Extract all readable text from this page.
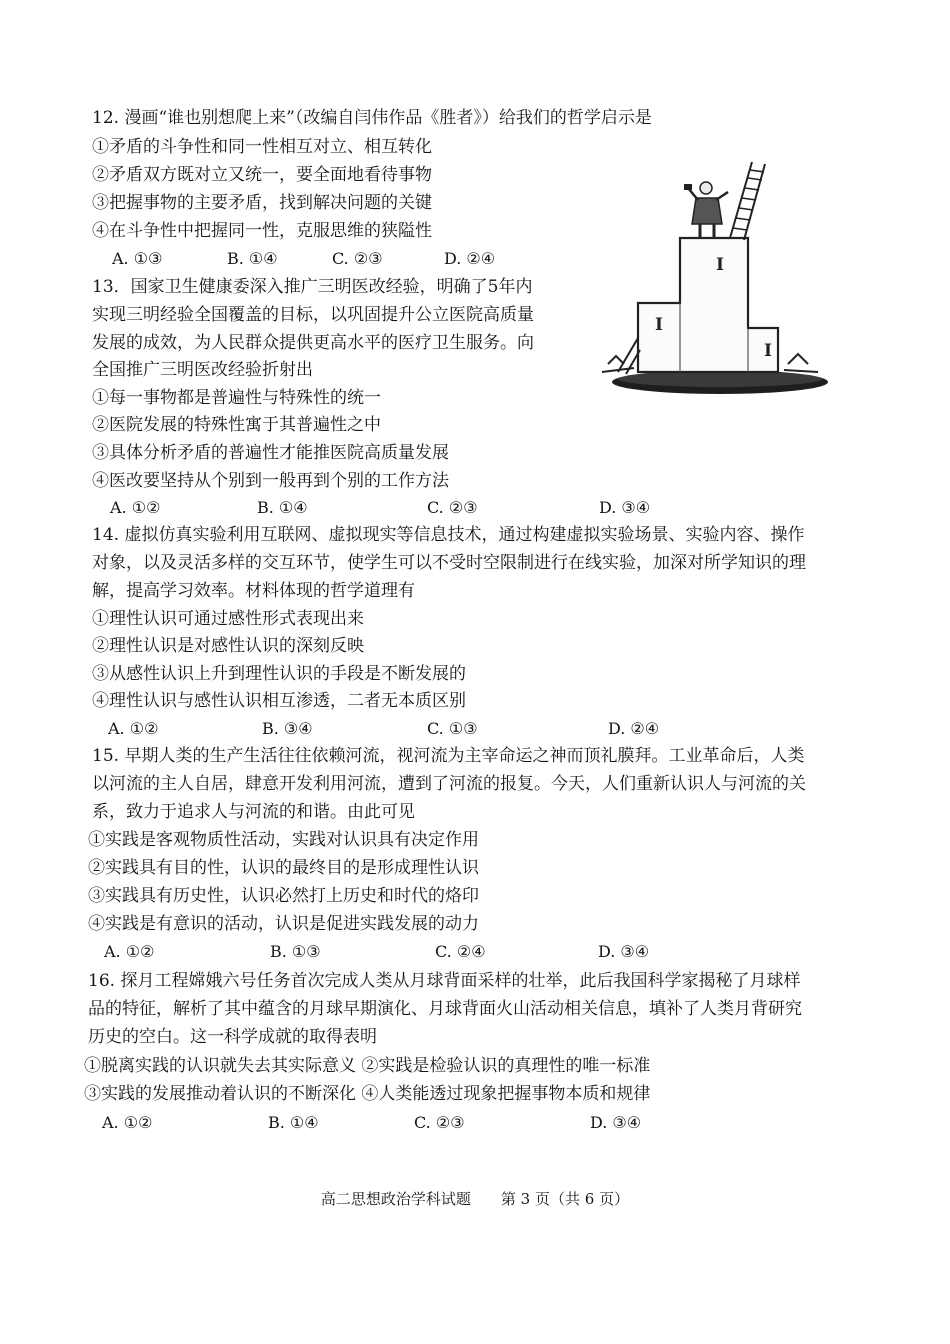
12. 漫画“谁也别想爬上来”（改编自闫伟作品《胜者》）给我们的哲学启示是
①矛盾的斗争性和同一性相互对立、相互转化
②矛盾双方既对立又统一，要全面地看待事物
③把握事物的主要矛盾，找到解决问题的关键
④在斗争性中把握同一性，克服思维的狭隘性
A. ①③	B. ①④	C. ②③	D. ②④	I
I
I
13．国家卫生健康委深入推广三明医改经验，明确了5年内
实现三明经验全国覆盖的目标，以巩固提升公立医院高质量
发展的成效，为人民群众提供更高水平的医疗卫生服务。向
全国推广三明医改经验折射出
①每一事物都是普遍性与特殊性的统一
②医院发展的特殊性寓于其普遍性之中
③具体分析矛盾的普遍性才能推医院高质量发展
④医改要坚持从个别到一般再到个别的工作方法
A. ①②	B. ①④	C. ②③	D. ③④
14. 虚拟仿真实验利用互联网、虚拟现实等信息技术，通过构建虚拟实验场景、实验内容、操作
对象，以及灵活多样的交互环节，使学生可以不受时空限制进行在线实验，加深对所学知识的理
解，提高学习效率。材料体现的哲学道理有
①理性认识可通过感性形式表现出来
②理性认识是对感性认识的深刻反映
③从感性认识上升到理性认识的手段是不断发展的
④理性认识与感性认识相互渗透，二者无本质区别
A. ①②	B. ③④	C. ①③	D. ②④
15. 早期人类的生产生活往往依赖河流，视河流为主宰命运之神而顶礼膜拜。工业革命后，人类
以河流的主人自居，肆意开发利用河流，遭到了河流的报复。今天，人们重新认识人与河流的关
系，致力于追求人与河流的和谐。由此可见
①实践是客观物质性活动，实践对认识具有决定作用
②实践具有目的性，认识的最终目的是形成理性认识
③实践具有历史性，认识必然打上历史和时代的烙印
④实践是有意识的活动，认识是促进实践发展的动力
A. ①②	B. ①③	C. ②④	D. ③④
16. 探月工程嫦娥六号任务首次完成人类从月球背面采样的壮举，此后我国科学家揭秘了月球样
品的特征，解析了其中蕴含的月球早期演化、月球背面火山活动相关信息，填补了人类月背研究
历史的空白。这一科学成就的取得表明
①脱离实践的认识就失去其实际意义 ②实践是检验认识的真理性的唯一标准
③实践的发展推动着认识的不断深化 ④人类能透过现象把握事物本质和规律
A. ①②	B. ①④	C. ②③	D. ③④
高二思想政治学科试题　　第 3 页（共 6 页）
